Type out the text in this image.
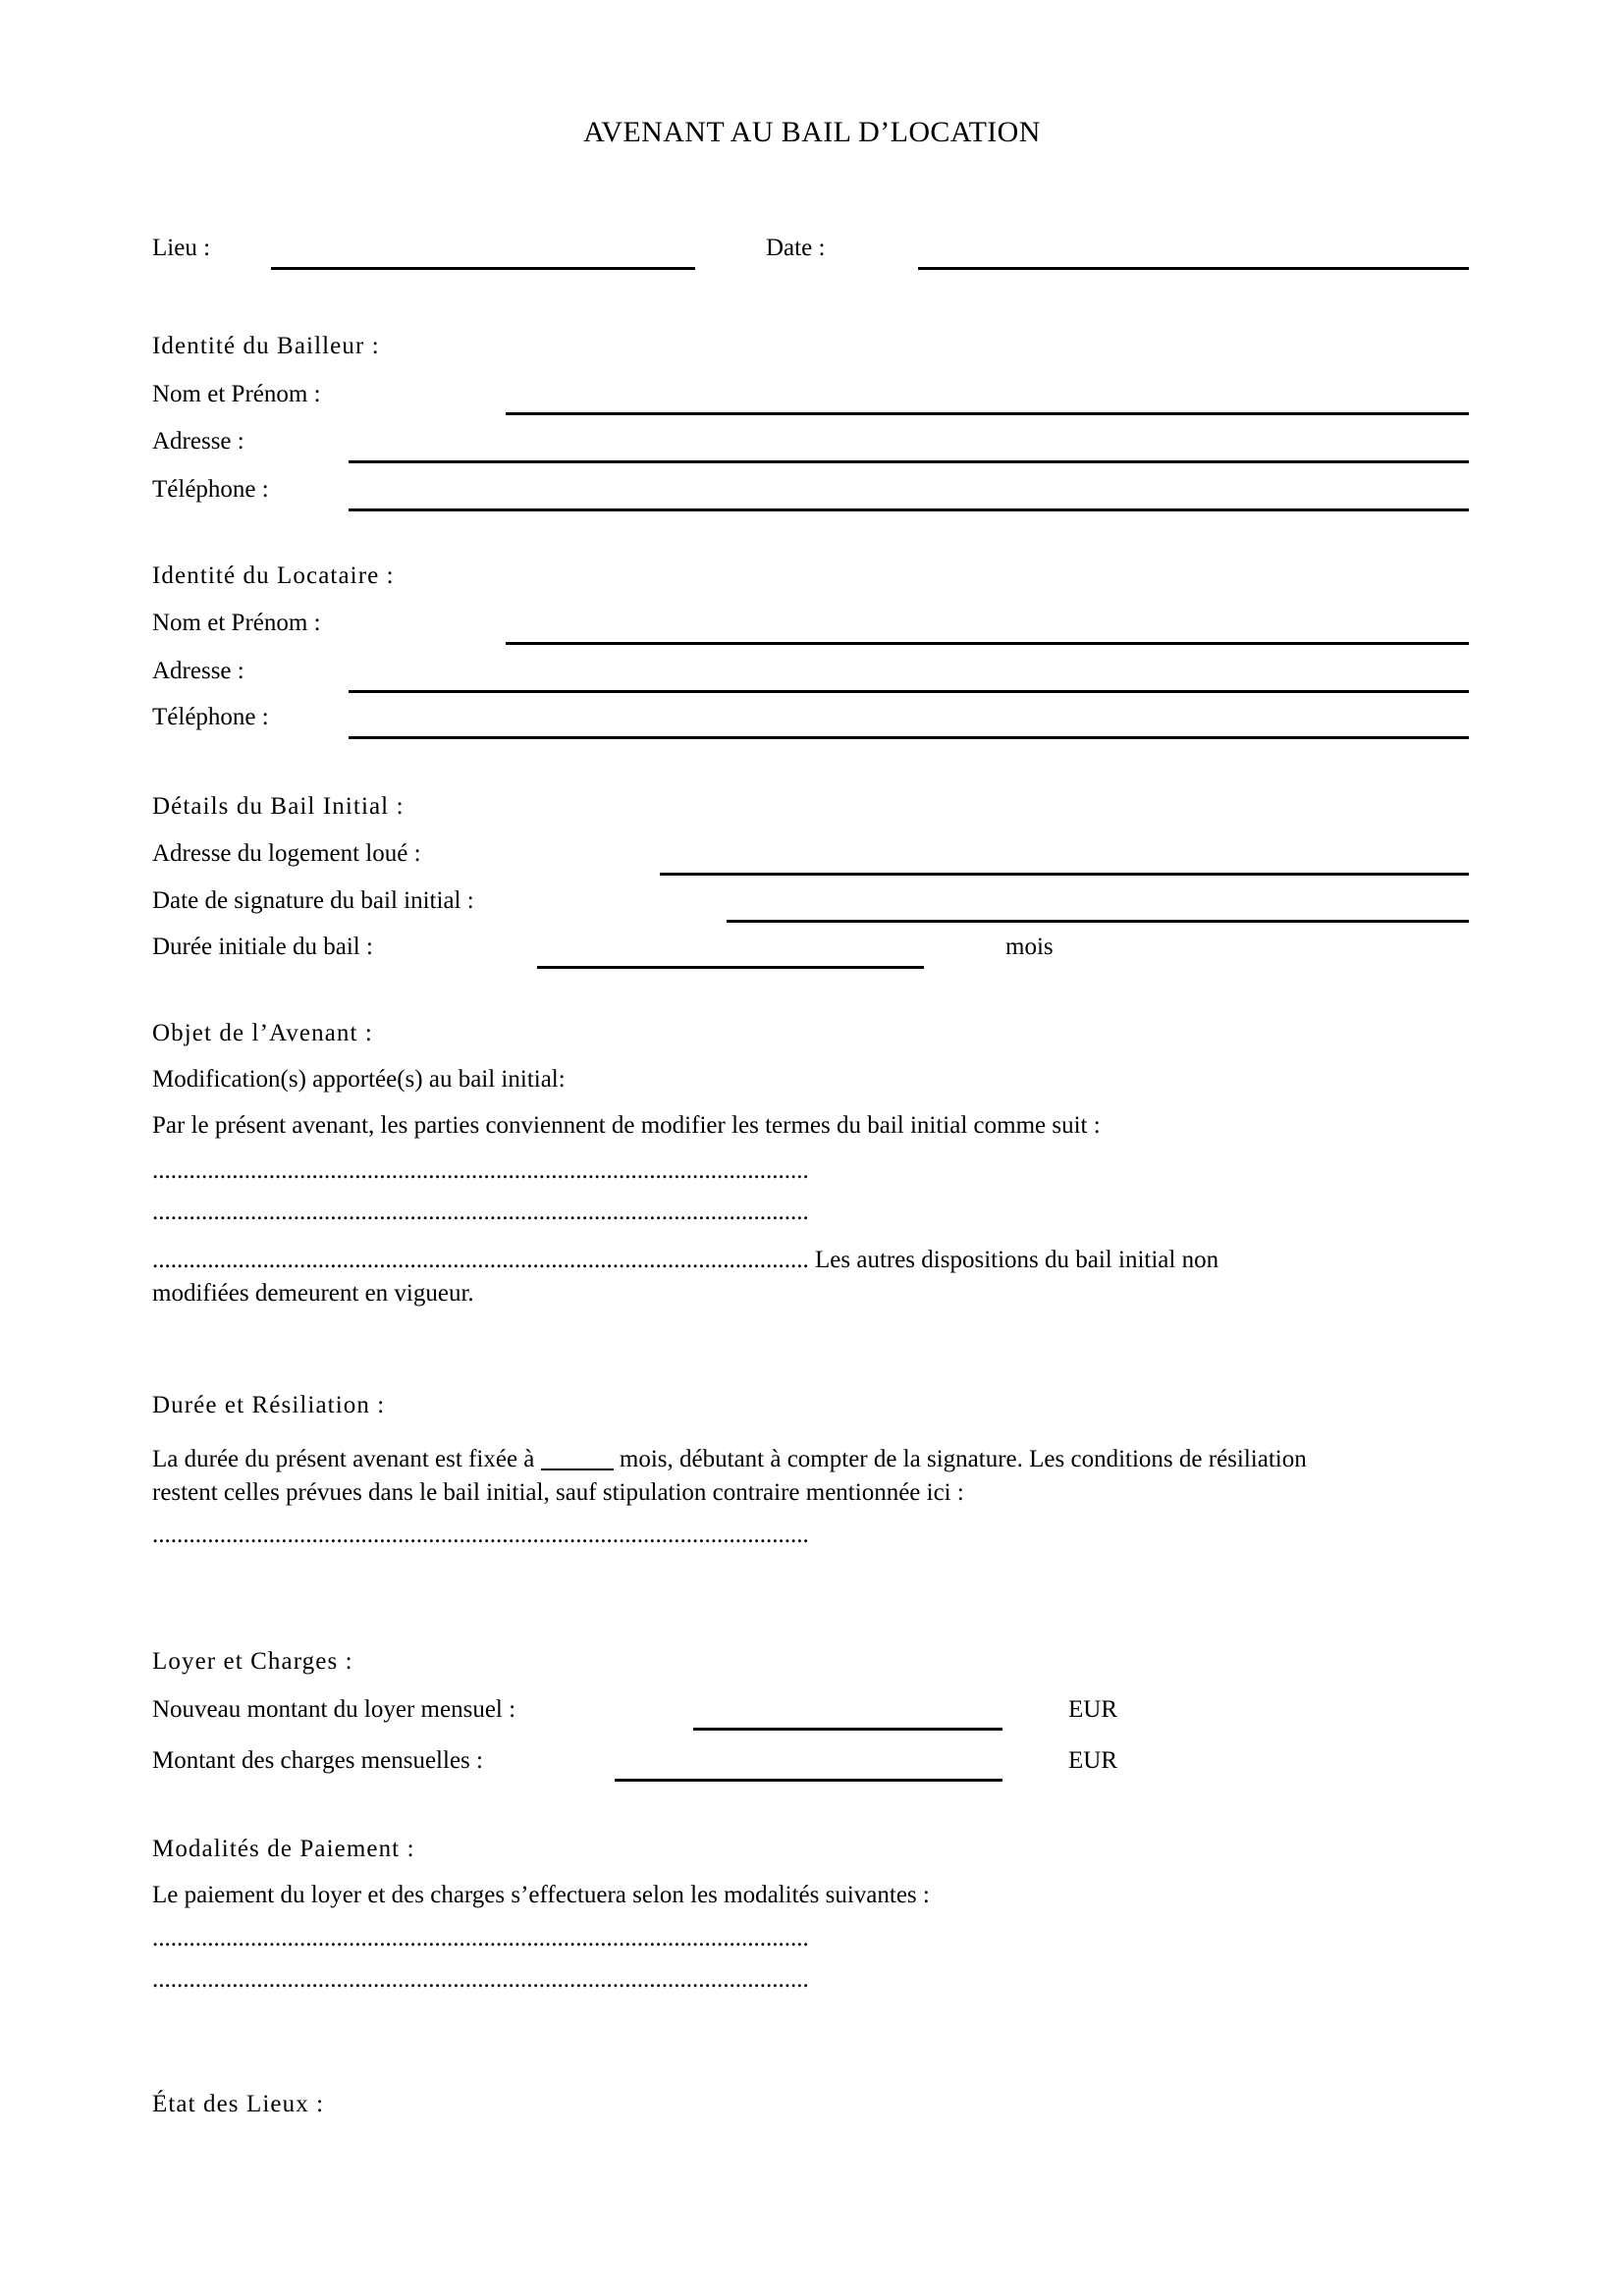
AVENANT AU BAIL D’LOCATION
Lieu :	Date :
Identité du Bailleur :
Nom et Prénom :
Adresse :
Téléphone :
Identité du Locataire :
Nom et Prénom :
Adresse :
Téléphone :
Détails du Bail Initial :
Adresse du logement loué :
Date de signature du bail initial :
Durée initiale du bail :	mois
Objet de l’Avenant :
Modification(s) apportée(s) au bail initial:
Par le présent avenant, les parties conviennent de modifier les termes du bail initial comme suit :
...........................................................................................................
...........................................................................................................
........................................................................................................... Les autres dispositions du bail initial non
modifiées demeurent en vigueur.
Durée et Résiliation :
La durée du présent avenant est fixée à	mois, débutant à compter de la signature. Les conditions de résiliation
restent celles prévues dans le bail initial, sauf stipulation contraire mentionnée ici :
...........................................................................................................
Loyer et Charges :
Nouveau montant du loyer mensuel :	EUR
Montant des charges mensuelles :	EUR
Modalités de Paiement :
Le paiement du loyer et des charges s’effectuera selon les modalités suivantes :
...........................................................................................................
...........................................................................................................
État des Lieux :
